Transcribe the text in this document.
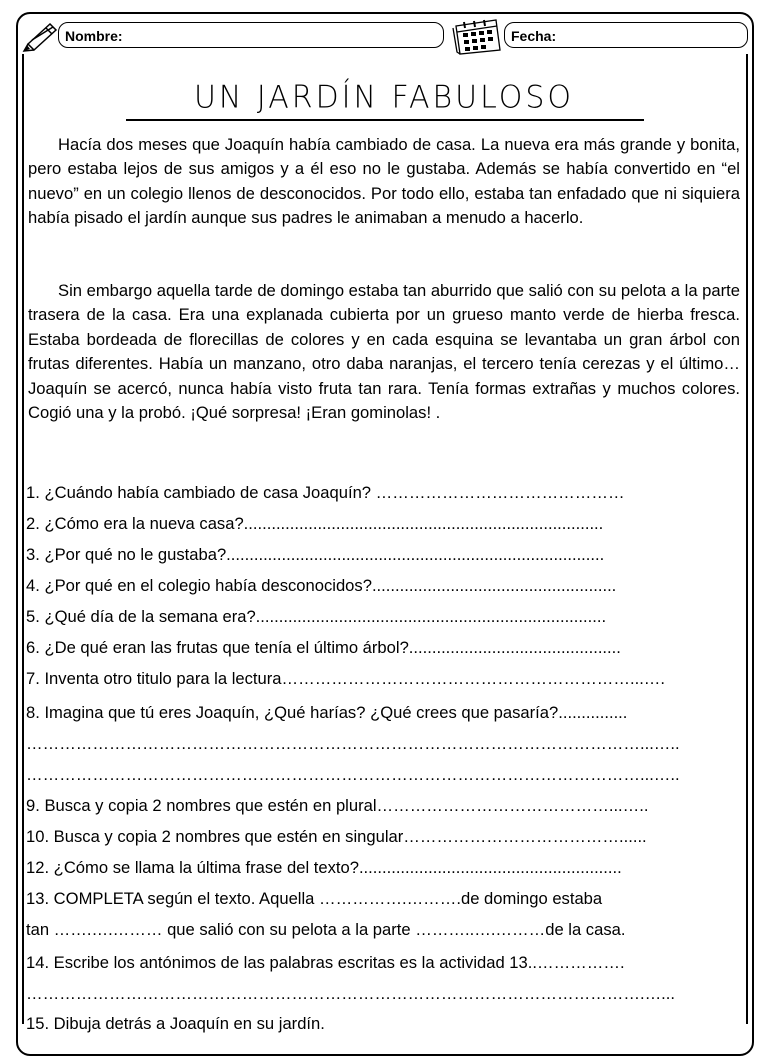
Nombre:	Fecha:
UN JARDÍN FABULOSO

Hacía dos meses que Joaquín había cambiado de casa. La nueva era más grande y bonita, pero estaba lejos de sus amigos y a él eso no le gustaba. Además se había convertido en “el nuevo” en un colegio llenos de desconocidos. Por todo ello, estaba tan enfadado que ni siquiera había pisado el jardín aunque sus padres le animaban a menudo a hacerlo.

Sin embargo aquella tarde de domingo estaba tan aburrido que salió con su pelota a la parte trasera de la casa. Era una explanada cubierta por un grueso manto verde de hierba fresca. Estaba bordeada de florecillas de colores y en cada esquina se levantaba un gran árbol con frutas diferentes. Había un manzano, otro daba naranjas, el tercero tenía cerezas y el último…Joaquín se acercó, nunca había visto fruta tan rara. Tenía formas extrañas y muchos colores. Cogió una y la probó. ¡Qué sorpresa! ¡Eran gominolas! .

1. ¿Cuándo había cambiado de casa Joaquín? ………………………………………
2. ¿Cómo era la nueva casa?..............................................................................
3. ¿Por qué no le gustaba?..................................................................................
4. ¿Por qué en el colegio había desconocidos?.....................................................
5. ¿Qué día de la semana era?............................................................................
6. ¿De qué eran las frutas que tenía el último árbol?..............................................
7. Inventa otro titulo para la lectura………………………………………………………...….
8. Imagina que tú eres Joaquín, ¿Qué harías? ¿Qué crees que pasaría?...............
…………………………………………………………………………………………………...…..
…………………………………………………………………………………………………...…..
9. Busca y copia 2 nombres que estén en plural……………………………………...…..
10. Busca y copia 2 nombres que estén en singular…………………………………......
12. ¿Cómo se llama la última frase del texto?.........................................................
13. COMPLETA según el texto. Aquella …………….……….de domingo estaba
tan …….….……… que salió con su pelota a la parte ………..….………de la casa.
14. Escribe los antónimos de las palabras escritas es la actividad 13..…………….
………………………………………………………………………………………………….…...
15. Dibuja detrás a Joaquín en su jardín.
